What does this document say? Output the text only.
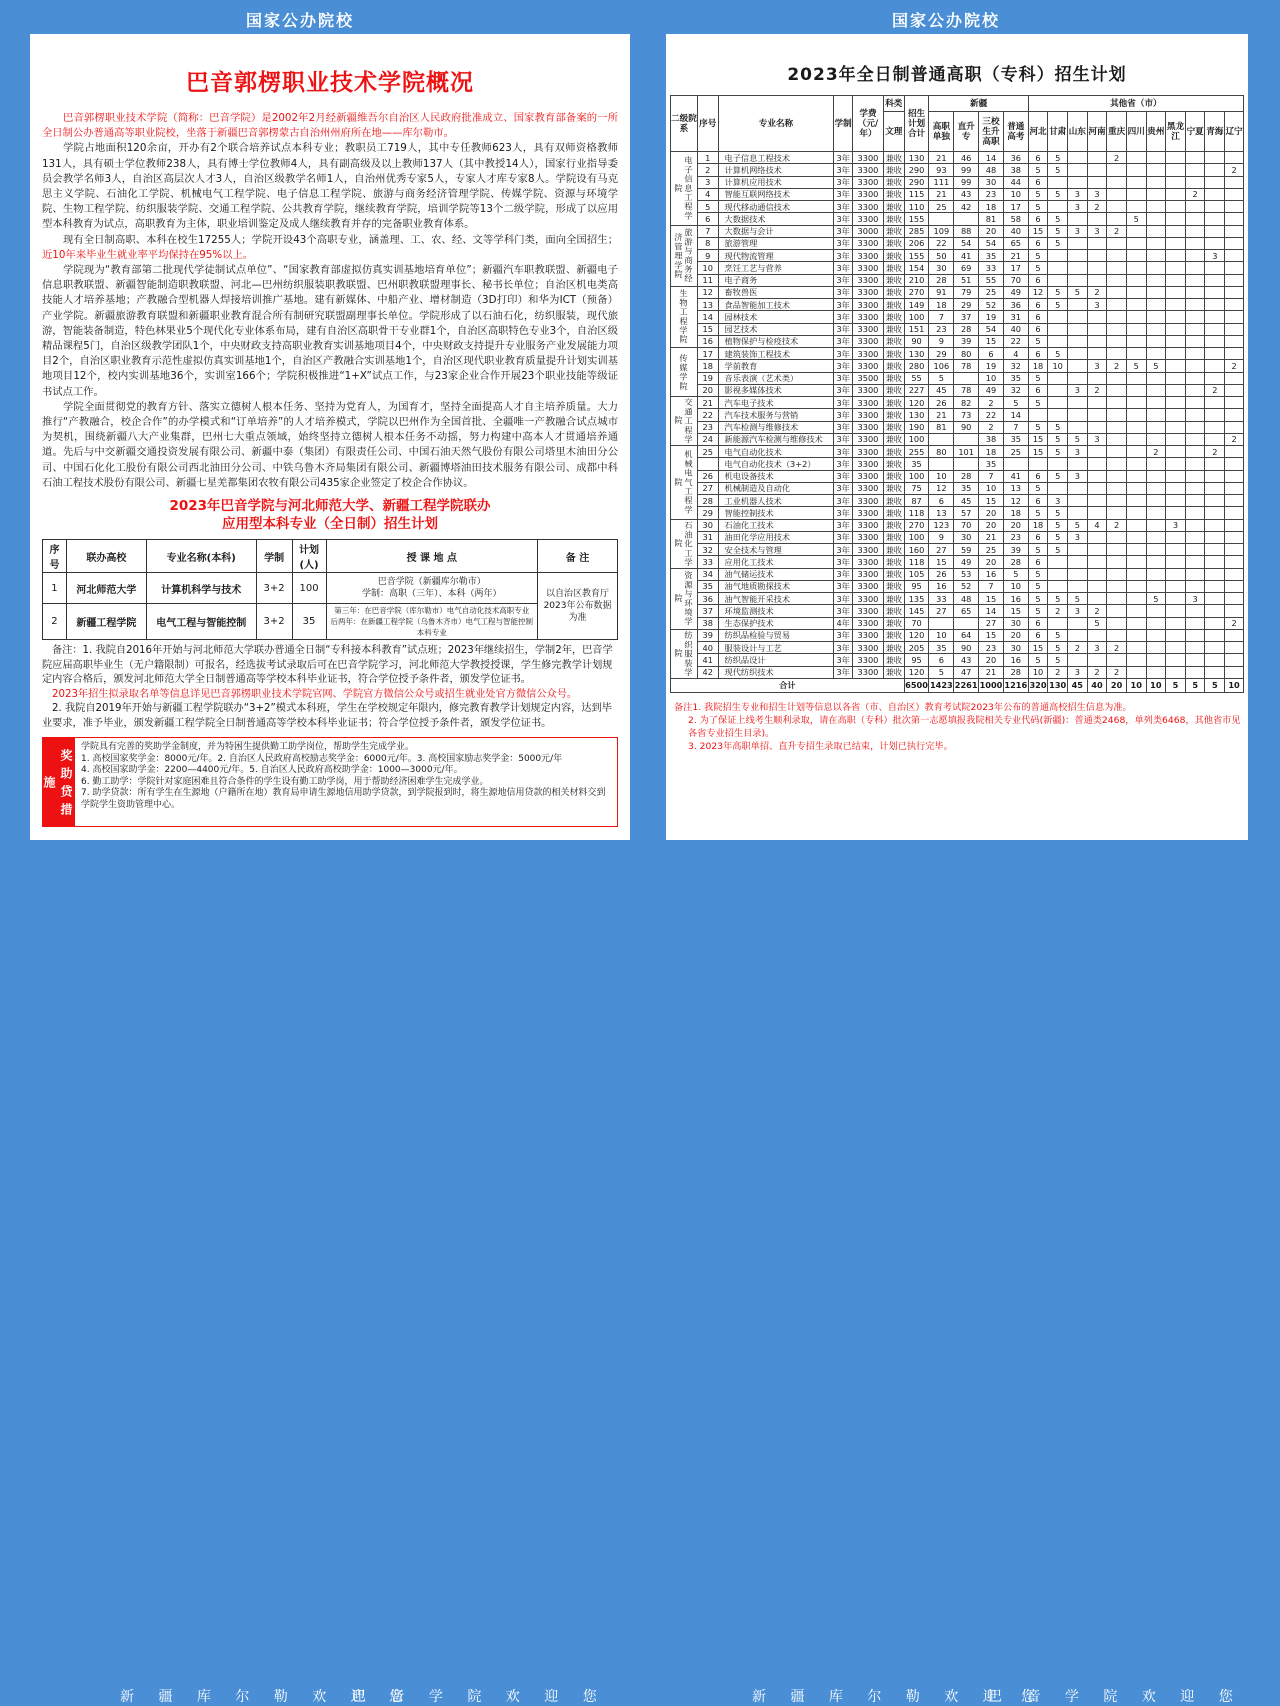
国家公办院校	国家公办院校
巴音郭楞职业技术学院概况

巴音郭楞职业技术学院（简称：巴音学院）是2002年2月经新疆维吾尔自治区人民政府批准成立、国家教育部备案的一所全日制公办普通高等职业院校，坐落于新疆巴音郭楞蒙古自治州州府所在地——库尔勒市。

学院占地面积120余亩，开办有2个联合培养试点本科专业；教职员工719人，其中专任教师623人，具有双师资格教师131人，具有硕士学位教师238人，具有博士学位教师4人，具有副高级及以上教师137人（其中教授14人），国家行业指导委员会教学名师3人，自治区高层次人才3人，自治区级教学名师1人，自治州优秀专家5人，专家人才库专家8人。学院设有马克思主义学院、石油化工学院、机械电气工程学院、电子信息工程学院、旅游与商务经济管理学院、传媒学院、资源与环境学院、生物工程学院、纺织服装学院、交通工程学院、公共教育学院，继续教育学院，培训学院等13个二级学院，形成了以应用型本科教育为试点，高职教育为主体，职业培训鉴定及成人继续教育并存的完备职业教育体系。

现有全日制高职、本科在校生17255人；学院开设43个高职专业，涵盖理、工、农、经、文等学科门类，面向全国招生；近10年来毕业生就业率平均保持在95%以上。

学院现为“教育部第二批现代学徒制试点单位”、“国家教育部虚拟仿真实训基地培育单位”；新疆汽车职教联盟、新疆电子信息职教联盟、新疆智能制造职教联盟、河北—巴州纺织服装职教联盟、巴州职教联盟理事长、秘书长单位；自治区机电类高技能人才培养基地；产教融合型机器人焊接培训推广基地。建有新媒体、中船产业、增材制造（3D打印）和华为ICT（预备）产业学院。新疆旅游教育联盟和新疆职业教育混合所有制研究联盟副理事长单位。学院形成了以石油石化，纺织服装，现代旅游，智能装备制造，特色林果业5个现代化专业体系布局，建有自治区高职骨干专业群1个，自治区高职特色专业3个，自治区级精品课程5门，自治区级教学团队1个，中央财政支持高职业教育实训基地项目4个，中央财政支持提升专业服务产业发展能力项目2个，自治区职业教育示范性虚拟仿真实训基地1个，自治区产教融合实训基地1个，自治区现代职业教育质量提升计划实训基地项目12个，校内实训基地36个，实训室166个；学院积极推进“1+X”试点工作，与23家企业合作开展23个职业技能等级证书试点工作。

学院全面贯彻党的教育方针、落实立德树人根本任务、坚持为党育人，为国育才，坚持全面提高人才自主培养质量。大力推行“产教融合，校企合作”的办学模式和“订单培养”的人才培养模式，学院以巴州作为全国首批、全疆唯一产教融合试点城市为契机，围绕新疆八大产业集群，巴州七大重点领域，始终坚持立德树人根本任务不动摇，努力构建中高本人才贯通培养通道。先后与中交新疆交通投资发展有限公司、新疆中泰（集团）有限责任公司、中国石油天然气股份有限公司塔里木油田分公司、中国石化化工股份有限公司西北油田分公司、中铁乌鲁木齐局集团有限公司、新疆博塔油田技术服务有限公司、成都中科石油工程技术股份有限公司、新疆七星羌都集团农牧有限公司435家企业签定了校企合作协议。

2023年巴音学院与河北师范大学、新疆工程学院联办
应用型本科专业（全日制）招生计划
序号	联办高校	专业名称(本科)	学制	计划(人)	授 课 地 点	备 注
1	河北师范大学	计算机科学与技术	3+2	100	巴音学院（新疆库尔勒市）
学制：高职（三年）、本科（两年）	以自治区教育厅2023年公布数据为准
2	新疆工程学院	电气工程与智能控制	3+2	35	第三年：在巴音学院（库尔勒市）电气自动化技术高职专业
后两年：在新疆工程学院（乌鲁木齐市）电气工程与智能控制本科专业	

备注：1. 我院自2016年开始与河北师范大学联办普通全日制“专科接本科教育”试点班；2023年继续招生，学制2年，巴音学院应届高职毕业生（无户籍限制）可报名，经选拔考试录取后可在巴音学院学习，河北师范大学教授授课，学生修完教学计划规定内容合格后，颁发河北师范大学全日制普通高等学校本科毕业证书，符合学位授予条件者，颁发学位证书。

2023年招生拟录取名单等信息详见巴音郭楞职业技术学院官网、学院官方微信公众号或招生就业处官方微信公众号。

2. 我院自2019年开始与新疆工程学院联办“3+2”模式本科班，学生在学校规定年限内，修完教育教学计划规定内容，达到毕业要求，准予毕业，颁发新疆工程学院全日制普通高等学校本科毕业证书；符合学位授予条件者，颁发学位证书。

奖助贷措施
学院具有完善的奖助学金制度，并为特困生提供勤工助学岗位，帮助学生完成学业。
1. 高校国家奖学金：8000元/年。2. 自治区人民政府高校励志奖学金：6000元/年。3. 高校国家励志奖学金：5000元/年
4. 高校国家助学金：2200—4400元/年。5. 自治区人民政府高校助学金：1000—3000元/年。
6. 勤工助学：学院针对家庭困难且符合条件的学生设有勤工助学岗，用于帮助经济困难学生完成学业。
7. 助学贷款：所有学生在生源地（户籍所在地）教育局申请生源地信用助学贷款，到学院报到时，将生源地信用贷款的相关材料交到学院学生资助管理中心。
2023年全日制普通高职（专科）招生计划
二级院系	序号	专业名称	学制	学费（元/年）	科类	招生计划合计	新疆				其他省（市）										
					文理		高职单独	直升专	三校生升高职	普通高考	河北	甘肃	山东	河南	重庆	四川	贵州	黑龙江	宁夏	青海	辽宁
电子信息工程学院	1	电子信息工程技术	3年	3300	兼收	130	21	46	14	36	6	5			2						
	2	计算机网络技术	3年	3300	兼收	290	93	99	48	38	5	5									2
	3	计算机应用技术	3年	3300	兼收	290	111	99	30	44	6										
	4	智能互联网络技术	3年	3300	兼收	115	21	43	23	10	5	5	3	3					2		
	5	现代移动通信技术	3年	3300	兼收	110	25	42	18	17	5		3	2							
	6	大数据技术	3年	3300	兼收	155			81	58	6	5				5					
旅游与商务经济管理学院	7	大数据与会计	3年	3000	兼收	285	109	88	20	40	15	5	3	3	2						
	8	旅游管理	3年	3300	兼收	206	22	54	54	65	6	5									
	9	现代物流管理	3年	3300	兼收	155	50	41	35	21	5									3	
	10	烹饪工艺与营养	3年	3300	兼收	154	30	69	33	17	5										
	11	电子商务	3年	3300	兼收	210	28	51	55	70	6										
生物工程学院	12	畜牧兽医	3年	3300	兼收	270	91	79	25	49	12	5	5	2							
	13	食品智能加工技术	3年	3300	兼收	149	18	29	52	36	6	5		3							
	14	园林技术	3年	3300	兼收	100	7	37	19	31	6										
	15	园艺技术	3年	3300	兼收	151	23	28	54	40	6										
	16	植物保护与检疫技术	3年	3300	兼收	90	9	39	15	22	5										
传媒学院	17	建筑装饰工程技术	3年	3300	兼收	130	29	80	6	4	6	5									
	18	学前教育	3年	3300	兼收	280	106	78	19	32	18	10		3	2	5	5				2
	19	音乐表演（艺术类）	3年	3500	兼收	55	5		10	35	5										
	20	影视多媒体技术	3年	3300	兼收	227	45	78	49	32	6		3	2						2	
交通工程学院	21	汽车电子技术	3年	3300	兼收	120	26	82	2	5	5										
	22	汽车技术服务与营销	3年	3300	兼收	130	21	73	22	14											
	23	汽车检测与维修技术	3年	3300	兼收	190	81	90	2	7	5	5									
	24	新能源汽车检测与维修技术	3年	3300	兼收	100			38	35	15	5	5	3							2
机械电气工程学院	25	电气自动化技术	3年	3300	兼收	255	80	101	18	25	15	5	3				2			2	
		电气自动化技术（3+2）	3年	3300	兼收	35			35												
	26	机电设备技术	3年	3300	兼收	100	10	28	7	41	6	5	3								
	27	机械制造及自动化	3年	3300	兼收	75	12	35	10	13	5										
	28	工业机器人技术	3年	3300	兼收	87	6	45	15	12	6	3									
	29	智能控制技术	3年	3300	兼收	118	13	57	20	18	5	5									
石油化工学院	30	石油化工技术	3年	3300	兼收	270	123	70	20	20	18	5	5	4	2			3			
	31	油田化学应用技术	3年	3300	兼收	100	9	30	21	23	6	5	3								
	32	安全技术与管理	3年	3300	兼收	160	27	59	25	39	5	5									
	33	应用化工技术	3年	3300	兼收	118	15	49	20	28	6										
资源与环境学院	34	油气储运技术	3年	3300	兼收	105	26	53	16	5	5										
	35	油气地质勘探技术	3年	3300	兼收	95	16	52	7	10	5										
	36	油气智能开采技术	3年	3300	兼收	135	33	48	15	16	5	5	5				5		3		
	37	环境监测技术	3年	3300	兼收	145	27	65	14	15	5	2	3	2							
	38	生态保护技术	4年	3300	兼收	70			27	30	6			5							2
纺织服装学院	39	纺织品检验与贸易	3年	3300	兼收	120	10	64	15	20	6	5									
	40	服装设计与工艺	3年	3300	兼收	205	35	90	23	30	15	5	2	3	2						
	41	纺织品设计	3年	3300	兼收	95	6	43	20	16	5	5									
	42	现代纺织技术	3年	3300	兼收	120	5	47	21	28	10	2	3	2	2						
合计						6500	1423	2261	1000	1216	320	130	45	40	20	10	10	5	5	5	10
备注1. 我院招生专业和招生计划等信息以各省（市、自治区）教育考试院2023年公布的普通高校招生信息为准。
2. 为了保证上线考生顺利录取，请在高职（专科）批次第一志愿填报我院相关专业代码(新疆)：普通类2468，单列类6468，其他省市见各省专业招生目录)。
3. 2023年高职单招、直升专招生录取已结束，计划已执行完毕。
新 疆 库 尔 勒 欢 迎 您
巴 音 学 院 欢 迎 您	新 疆 库 尔 勒 欢 迎 您
巴 音 学 院 欢 迎 您
